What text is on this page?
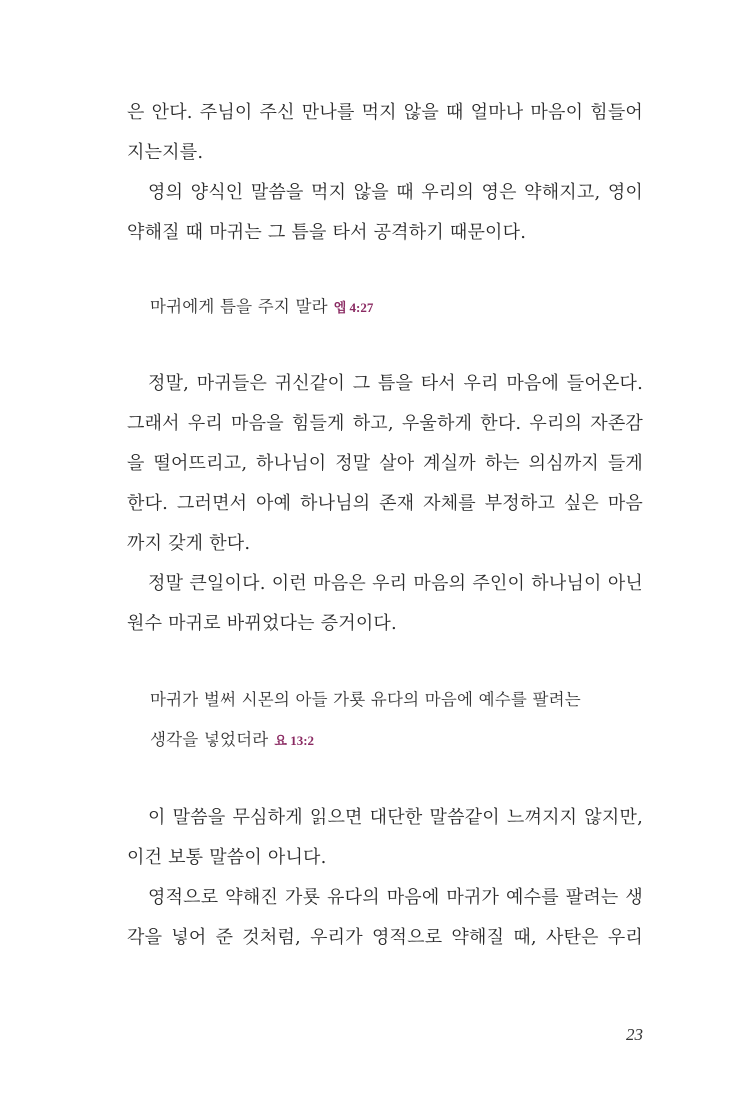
은 안다. 주님이 주신 만나를 먹지 않을 때 얼마나 마음이 힘들어
지는지를.
영의 양식인 말씀을 먹지 않을 때 우리의 영은 약해지고, 영이
약해질 때 마귀는 그 틈을 타서 공격하기 때문이다.
마귀에게 틈을 주지 말라 엡 4:27
정말, 마귀들은 귀신같이 그 틈을 타서 우리 마음에 들어온다.
그래서 우리 마음을 힘들게 하고, 우울하게 한다. 우리의 자존감
을 떨어뜨리고, 하나님이 정말 살아 계실까 하는 의심까지 들게
한다. 그러면서 아예 하나님의 존재 자체를 부정하고 싶은 마음
까지 갖게 한다.
정말 큰일이다. 이런 마음은 우리 마음의 주인이 하나님이 아닌
원수 마귀로 바뀌었다는 증거이다.
마귀가 벌써 시몬의 아들 가룟 유다의 마음에 예수를 팔려는
생각을 넣었더라 요 13:2
이 말씀을 무심하게 읽으면 대단한 말씀같이 느껴지지 않지만,
이건 보통 말씀이 아니다.
영적으로 약해진 가룟 유다의 마음에 마귀가 예수를 팔려는 생
각을 넣어 준 것처럼, 우리가 영적으로 약해질 때, 사탄은 우리
23
